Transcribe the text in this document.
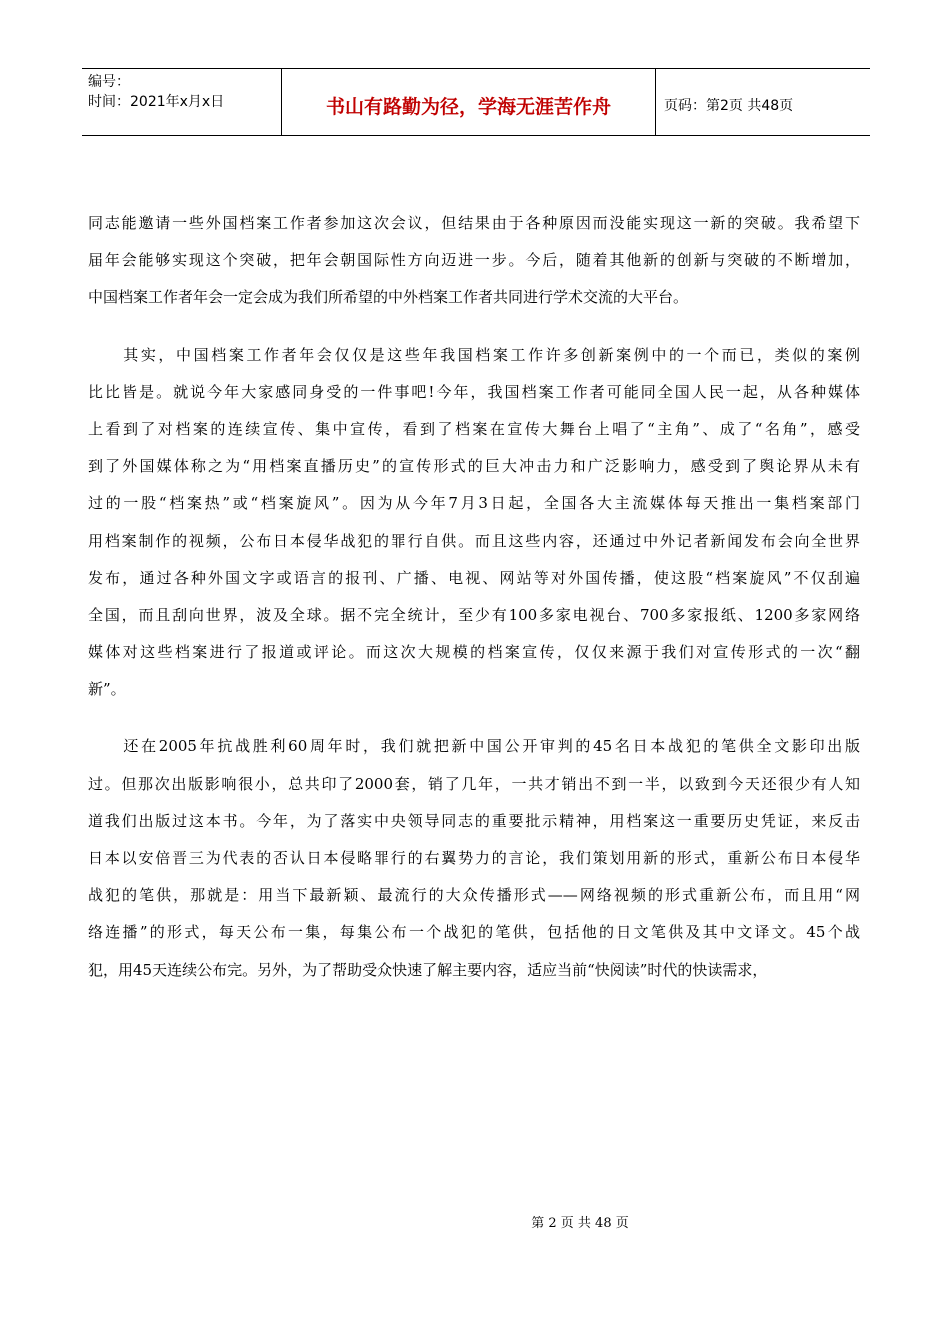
编号：
时间：2021年x月x日	书山有路勤为径，学海无涯苦作舟	页码：第2页 共48页
同志能邀请一些外国档案工作者参加这次会议，但结果由于各种原因而没能实现这一新的突破。我希望下
届年会能够实现这个突破，把年会朝国际性方向迈进一步。今后，随着其他新的创新与突破的不断增加，
中国档案工作者年会一定会成为我们所希望的中外档案工作者共同进行学术交流的大平台。
　　其实，中国档案工作者年会仅仅是这些年我国档案工作许多创新案例中的一个而已，类似的案例
比比皆是。就说今年大家感同身受的一件事吧!今年，我国档案工作者可能同全国人民一起，从各种媒体
上看到了对档案的连续宣传、集中宣传，看到了档案在宣传大舞台上唱了“主角”、成了“名角”，感受
到了外国媒体称之为“用档案直播历史”的宣传形式的巨大冲击力和广泛影响力，感受到了舆论界从未有
过的一股“档案热”或“档案旋风”。因为从今年7月3日起，全国各大主流媒体每天推出一集档案部门
用档案制作的视频，公布日本侵华战犯的罪行自供。而且这些内容，还通过中外记者新闻发布会向全世界
发布，通过各种外国文字或语言的报刊、广播、电视、网站等对外国传播，使这股“档案旋风”不仅刮遍
全国，而且刮向世界，波及全球。据不完全统计，至少有100多家电视台、700多家报纸、1200多家网络
媒体对这些档案进行了报道或评论。而这次大规模的档案宣传，仅仅来源于我们对宣传形式的一次“翻
新”。
　　还在2005年抗战胜利60周年时，我们就把新中国公开审判的45名日本战犯的笔供全文影印出版
过。但那次出版影响很小，总共印了2000套，销了几年，一共才销出不到一半，以致到今天还很少有人知
道我们出版过这本书。今年，为了落实中央领导同志的重要批示精神，用档案这一重要历史凭证，来反击
日本以安倍晋三为代表的否认日本侵略罪行的右翼势力的言论，我们策划用新的形式，重新公布日本侵华
战犯的笔供，那就是：用当下最新颖、最流行的大众传播形式——网络视频的形式重新公布，而且用“网
络连播”的形式，每天公布一集，每集公布一个战犯的笔供，包括他的日文笔供及其中文译文。45个战
犯，用45天连续公布完。另外，为了帮助受众快速了解主要内容，适应当前“快阅读”时代的快读需求，
第 2 页 共 48 页
